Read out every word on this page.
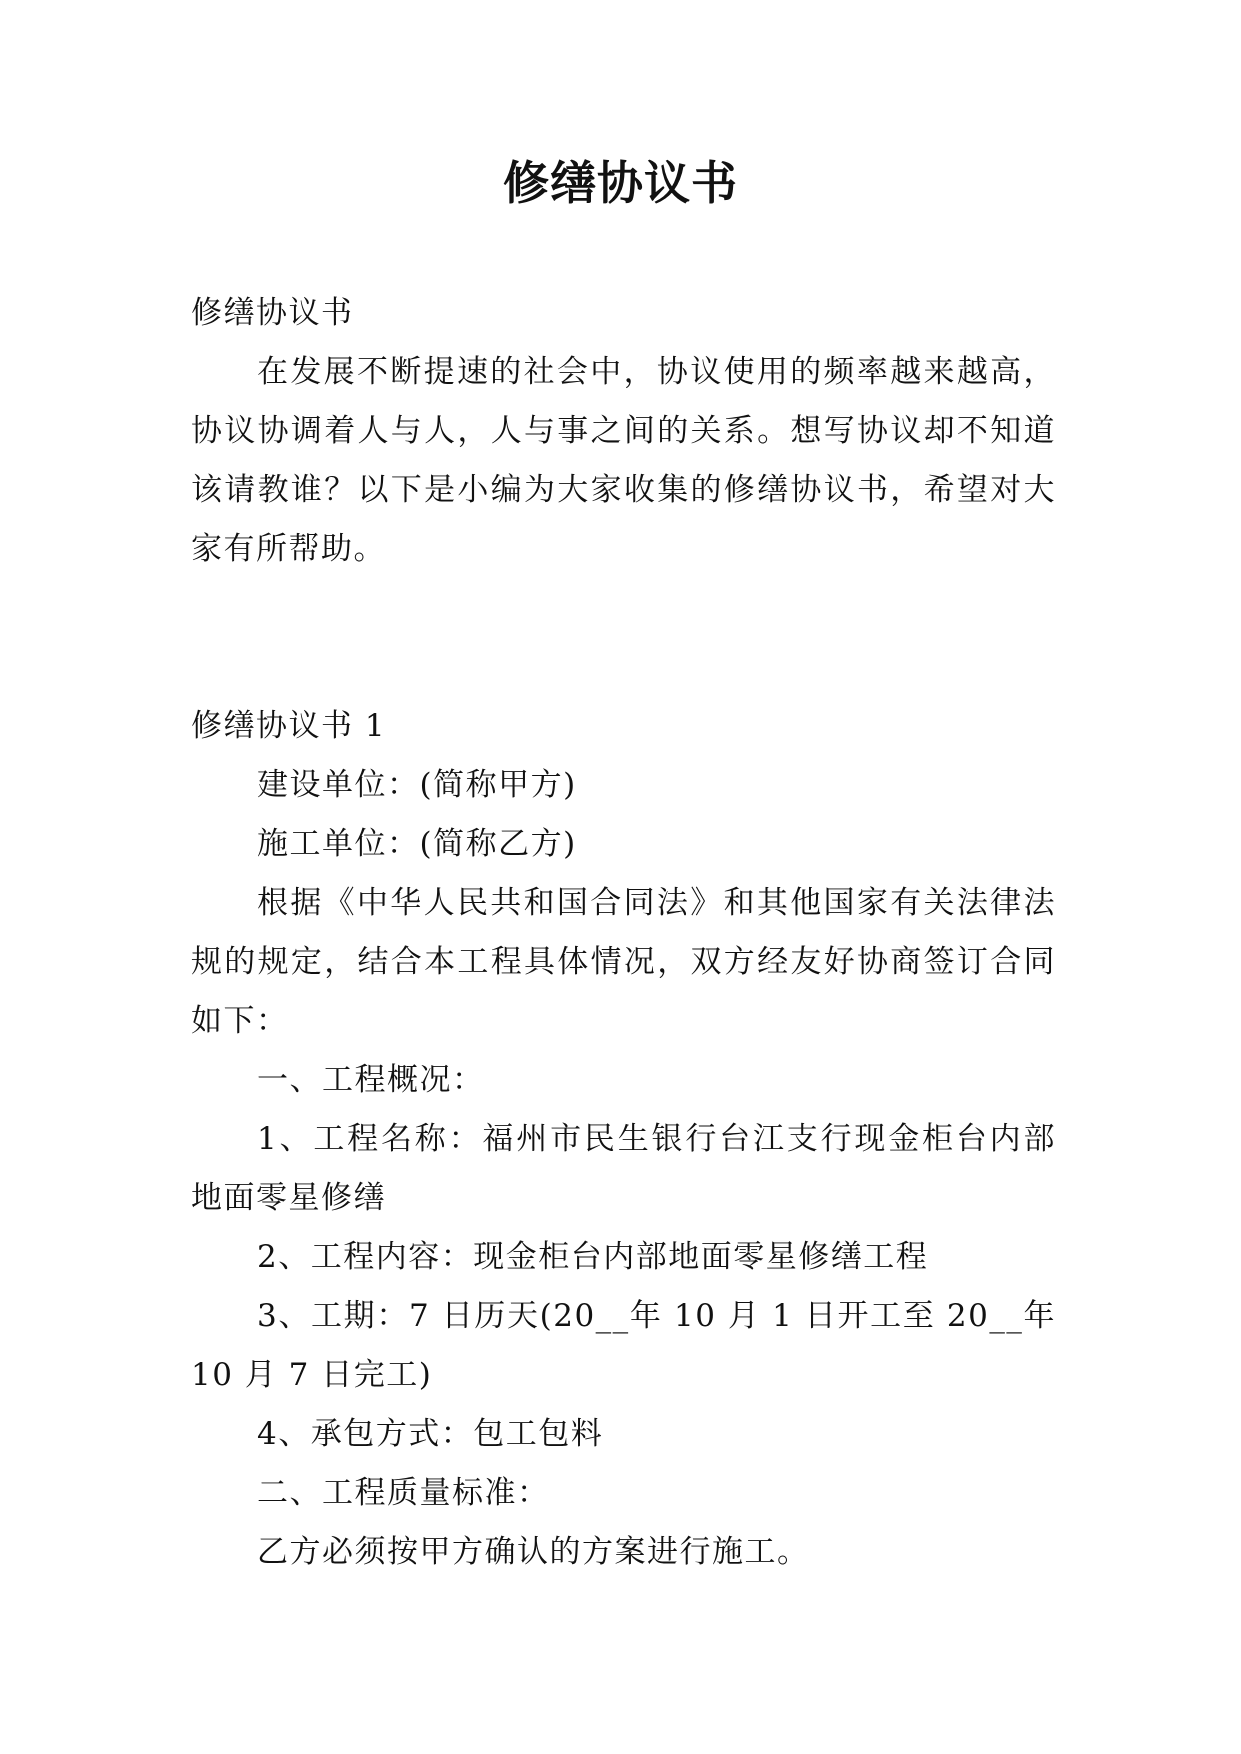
修缮协议书

修缮协议书

在发展不断提速的社会中，协议使用的频率越来越高，协议协调着人与人，人与事之间的关系。想写协议却不知道该请教谁？以下是小编为大家收集的修缮协议书，希望对大家有所帮助。

修缮协议书 1

建设单位：(简称甲方)

施工单位：(简称乙方)

根据《中华人民共和国合同法》和其他国家有关法律法规的规定，结合本工程具体情况，双方经友好协商签订合同如下：

一、工程概况：

1、工程名称：福州市民生银行台江支行现金柜台内部地面零星修缮

2、工程内容：现金柜台内部地面零星修缮工程

3、工期：7 日历天(20__年 10 月 1 日开工至 20__年 10 月 7 日完工)

4、承包方式：包工包料

二、工程质量标准：

乙方必须按甲方确认的方案进行施工。
